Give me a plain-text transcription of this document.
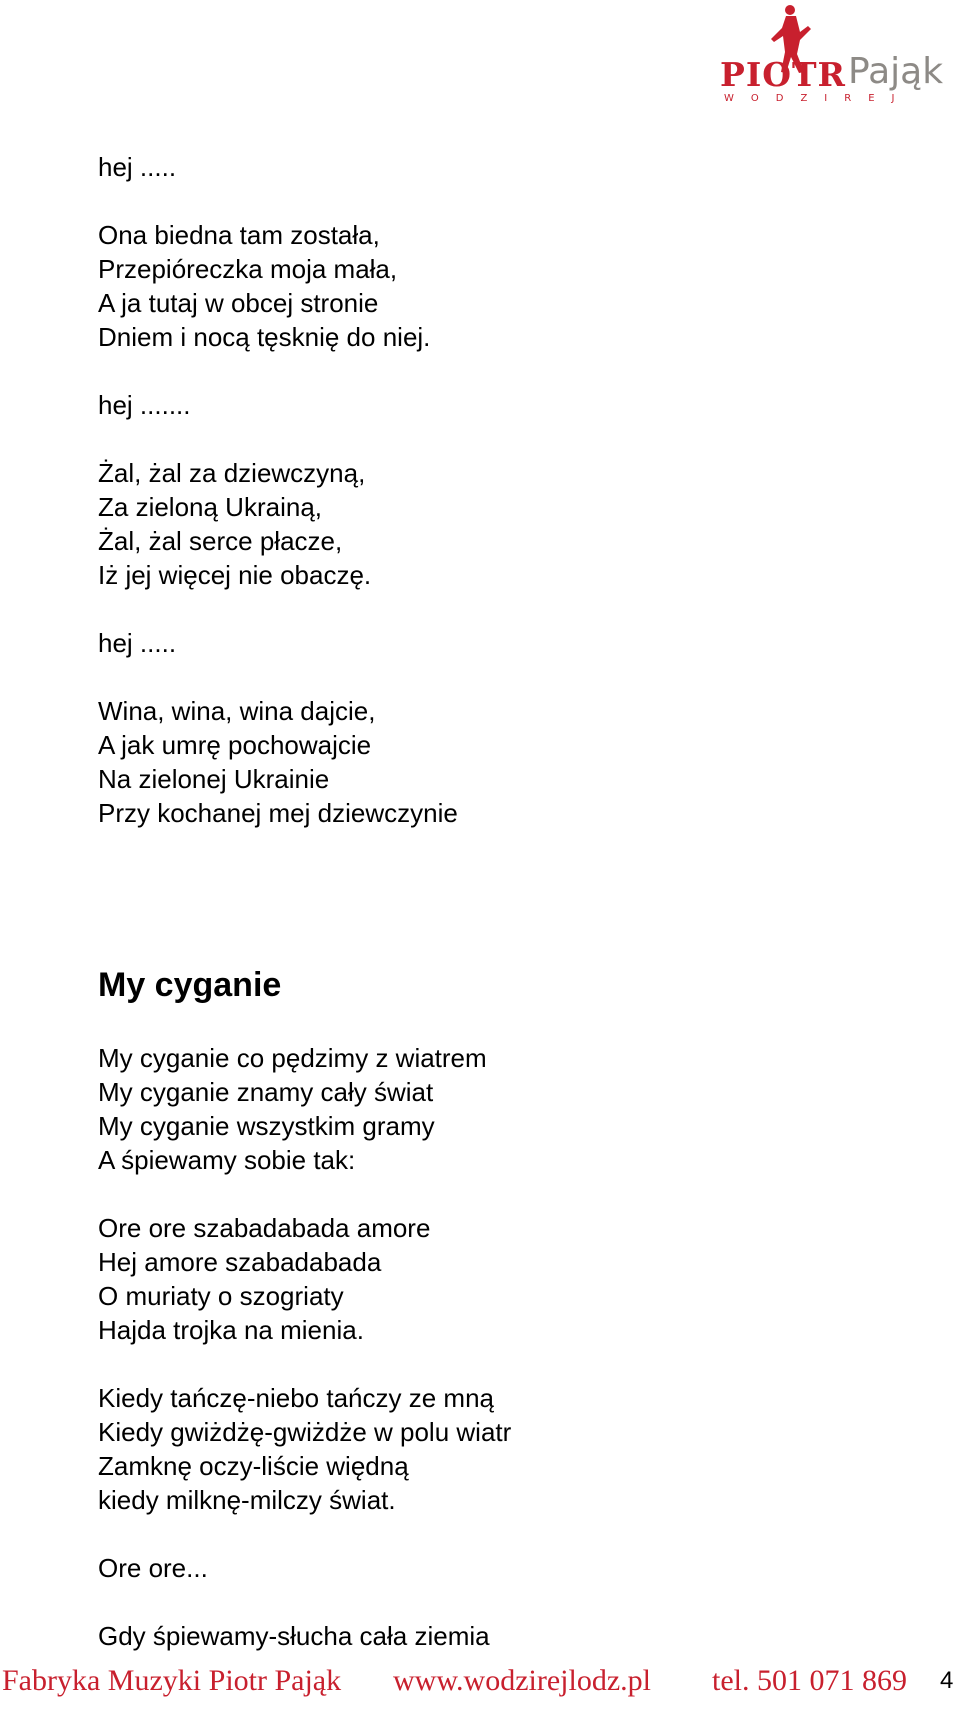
PIOTR Pająk
WODZIREJ
hej .....
Ona biedna tam została,
Przepióreczka moja mała,
A ja tutaj w obcej stronie
Dniem i nocą tęsknię do niej.
hej .......
Żal, żal za dziewczyną,
Za zieloną Ukrainą,
Żal, żal serce płacze,
Iż jej więcej nie obaczę.
hej .....
Wina, wina, wina dajcie,
A jak umrę pochowajcie
Na zielonej Ukrainie
Przy kochanej mej dziewczynie
My cyganie
My cyganie co pędzimy z wiatrem
My cyganie znamy cały świat
My cyganie wszystkim gramy
A śpiewamy sobie tak:
Ore ore szabadabada amore
Hej amore szabadabada
O muriaty o szogriaty
Hajda trojka na mienia.
Kiedy tańczę-niebo tańczy ze mną
Kiedy gwiżdżę-gwiżdże w polu wiatr
Zamknę oczy-liście więdną
kiedy milknę-milczy świat.
Ore ore...
Gdy śpiewamy-słucha cała ziemia
Fabryka Muzyki Piotr Pająk www.wodzirejlodz.pl tel. 501 071 869 4
